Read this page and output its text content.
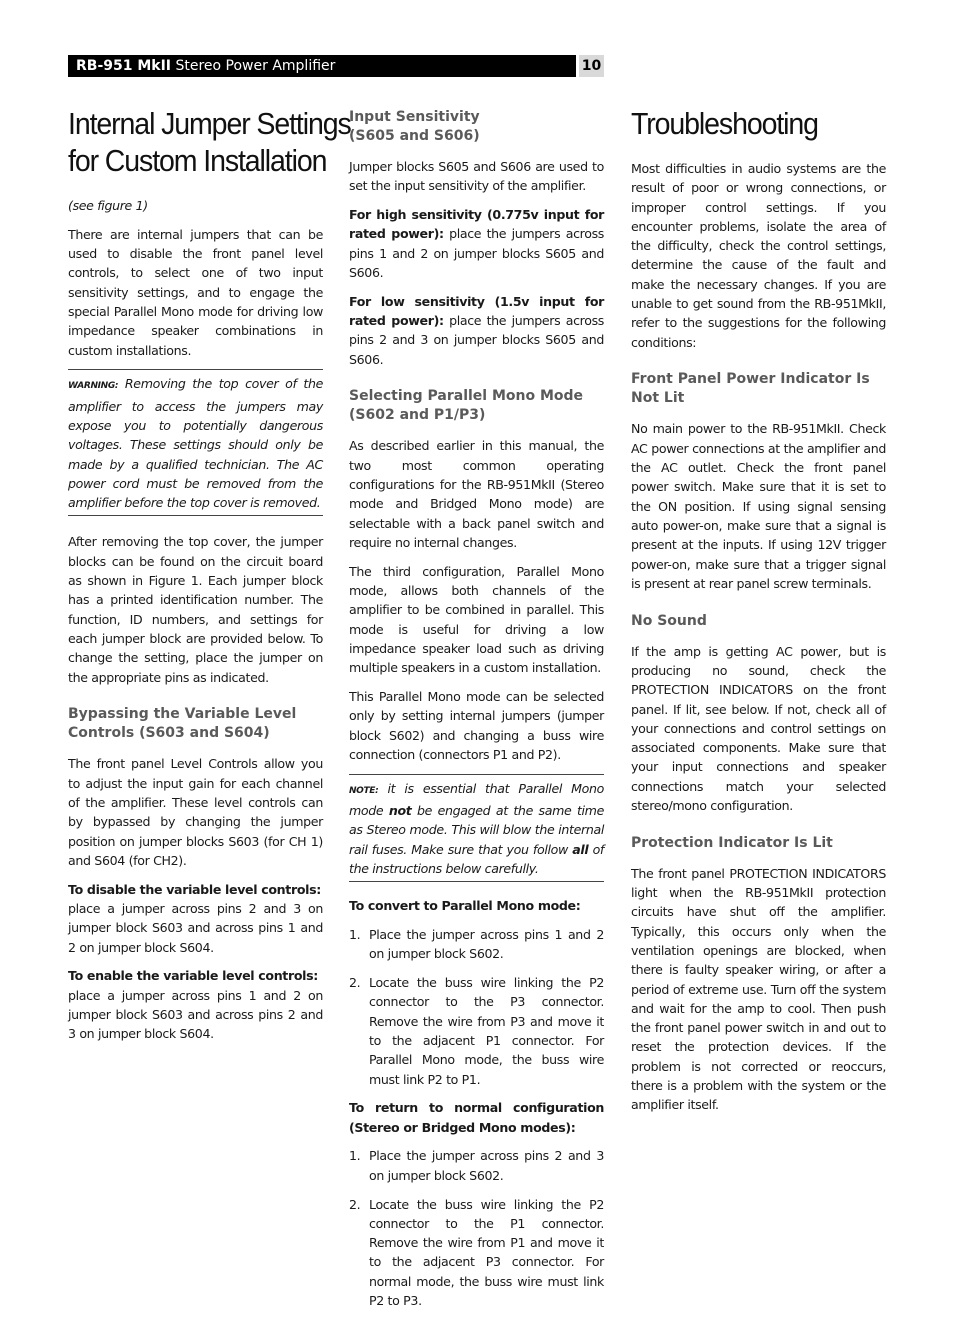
RB-951 MkII Stereo Power Amplifier	10
Internal Jumper Settings
for Custom Installation

(see figure 1)

There are internal jumpers that can be used to disable the front panel level controls, to select one of two input sensitivity settings, and to engage the special Parallel Mono mode for driving low impedance speaker combinations in custom installations.

WARNING: Removing the top cover of the amplifier to access the jumpers may expose you to potentially dangerous voltages. These settings should only be made by a qualified technician. The AC power cord must be removed from the amplifier before the top cover is removed.

After removing the top cover, the jumper blocks can be found on the circuit board as shown in Figure 1. Each jumper block has a printed identification number. The function, ID numbers, and settings for each jumper block are provided below. To change the setting, place the jumper on the appropriate pins as indicated.

Bypassing the Variable Level Controls (S603 and S604)

The front panel Level Controls allow you to adjust the input gain for each channel of the amplifier. These level controls can by bypassed by changing the jumper position on jumper blocks S603 (for CH 1) and S604 (for CH2).

To disable the variable level controls:

place a jumper across pins 2 and 3 on jumper block S603 and across pins 1 and 2 on jumper block S604.

To enable the variable level controls:

place a jumper across pins 1 and 2 on jumper block S603 and across pins 2 and 3 on jumper block S604.

Input Sensitivity (S605 and S606)

Jumper blocks S605 and S606 are used to set the input sensitivity of the amplifier.

For high sensitivity (0.775v input for rated power): place the jumpers across pins 1 and 2 on jumper blocks S605 and S606.

For low sensitivity (1.5v input for rated power): place the jumpers across pins 2 and 3 on jumper blocks S605 and S606.

Selecting Parallel Mono Mode (S602 and P1/P3)

As described earlier in this manual, the two most common operating configurations for the RB-951MkII (Stereo mode and Bridged Mono mode) are selectable with a back panel switch and require no internal changes.

The third configuration, Parallel Mono mode, allows both channels of the amplifier to be combined in parallel. This mode is useful for driving a low impedance speaker load such as driving multiple speakers in a custom installation.

This Parallel Mono mode can be selected only by setting internal jumpers (jumper block S602) and changing a buss wire connection (connectors P1 and P2).

NOTE: it is essential that Parallel Mono mode not be engaged at the same time as Stereo mode. This will blow the internal rail fuses. Make sure that you follow all of the instructions below carefully.

To convert to Parallel Mono mode:

1. Place the jumper across pins 1 and 2 on jumper block S602.
2. Locate the buss wire linking the P2 connector to the P3 connector. Remove the wire from P3 and move it to the adjacent P1 connector. For Parallel Mono mode, the buss wire must link P2 to P1.

To return to normal configuration (Stereo or Bridged Mono modes):

1. Place the jumper across pins 2 and 3 on jumper block S602.
2. Locate the buss wire linking the P2 connector to the P1 connector. Remove the wire from P1 and move it to the adjacent P3 connector. For normal mode, the buss wire must link P2 to P3.
Troubleshooting

Most difficulties in audio systems are the result of poor or wrong connections, or improper control settings. If you encounter problems, isolate the area of the difficulty, check the control settings, determine the cause of the fault and make the necessary changes. If you are unable to get sound from the RB-951MkII, refer to the suggestions for the following conditions:

Front Panel Power Indicator Is Not Lit

No main power to the RB-951MkII. Check AC power connections at the amplifier and the AC outlet. Check the front panel power switch. Make sure that it is set to the ON position. If using signal sensing auto power-on, make sure that a signal is present at the inputs. If using 12V trigger power-on, make sure that a trigger signal is present at rear panel screw terminals.

No Sound

If the amp is getting AC power, but is producing no sound, check the PROTECTION INDICATORS on the front panel. If lit, see below. If not, check all of your connections and control settings on associated components. Make sure that your input connections and speaker connections match your selected stereo/mono configuration.

Protection Indicator Is Lit

The front panel PROTECTION INDICATORS light when the RB-951MkII protection circuits have shut off the amplifier. Typically, this occurs only when the ventilation openings are blocked, when there is faulty speaker wiring, or after a period of extreme use. Turn off the system and wait for the amp to cool. Then push the front panel power switch in and out to reset the protection devices. If the problem is not corrected or reoccurs, there is a problem with the system or the amplifier itself.
